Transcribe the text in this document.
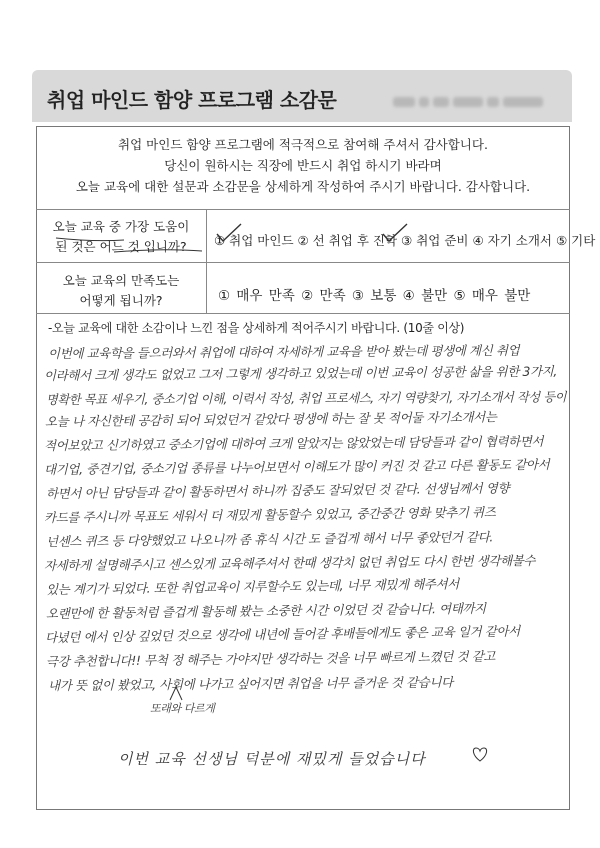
취업 마인드 함양 프로그램 소감문
취업 마인드 함양 프로그램에 적극적으로 참여해 주셔서 감사합니다.
당신이 원하시는 직장에 반드시 취업 하시기 바라며
오늘 교육에 대한 설문과 소감문을 상세하게 작성하여 주시기 바랍니다. 감사합니다.
오늘 교육 중 가장 도움이
된 것은 어느 것 입니까?	① 취업 마인드 ② 선 취업 후 진학 ③ 취업 준비 ④ 자기 소개서 ⑤ 기타
오늘 교육의 만족도는
어떻게 됩니까?	① 매우 만족 ② 만족 ③ 보통 ④ 불만 ⑤ 매우 불만
-오늘 교육에 대한 소감이나 느낀 점을 상세하게 적어주시기 바랍니다. (10줄 이상)
이번에 교육학을 들으러와서 취업에 대하여 자세하게 교육을 받아 봤는데 평생에 계신 취업
이라해서 크게 생각도 없었고 그저 그렇게 생각하고 있었는데 이번 교육이 성공한 삶을 위한 3가지,
명확한 목표 세우기, 중소기업 이해, 이력서 작성, 취업 프로세스, 자기 역량찾기, 자기소개서 작성 등이
오늘 나 자신한테 공감히 되어 되었던거 같았다 평생에 하는 잘 못 적어둘 자기소개서는
적어보았고 신기하였고 중소기업에 대하여 크게 알았지는 않았었는데 담당들과 같이 협력하면서
대기업, 중견기업, 중소기업 종류를 나누어보면서 이해도가 많이 커진 것 같고 다른 활동도 같아서
하면서 아닌 담당들과 같이 활동하면서 하니까 집중도 잘되었던 것 같다. 선생님께서 영향
카드를 주시니까 목표도 세워서 더 재밌게 활동할수 있었고, 중간중간 영화 맞추기 퀴즈
넌센스 퀴즈 등 다양했었고 나오니까 좀 휴식 시간 도 즐겁게 해서 너무 좋았던거 같다.
자세하게 설명해주시고 센스있게 교육해주셔서 한때 생각치 없던 취업도 다시 한번 생각해볼수
있는 계기가 되었다. 또한 취업교육이 지루할수도 있는데, 너무 재밌게 해주셔서
오랜만에 한 활동처럼 즐겁게 활동해 봤는 소중한 시간 이었던 것 같습니다. 여태까지
다녔던 에서 인상 깊었던 것으로 생각에 내년에 들어갈 후배들에게도 좋은 교육 일거 같아서
극강 추천합니다!! 무척 정 해주는 가야지만 생각하는 것을 너무 빠르게 느꼈던 것 같고
내가 뜻 없이 봤었고, 사회에 나가고 싶어지면 취업을 너무 즐거운 것 같습니다
또래와 다르게
이번 교육 선생님 덕분에 재밌게 들었습니다
